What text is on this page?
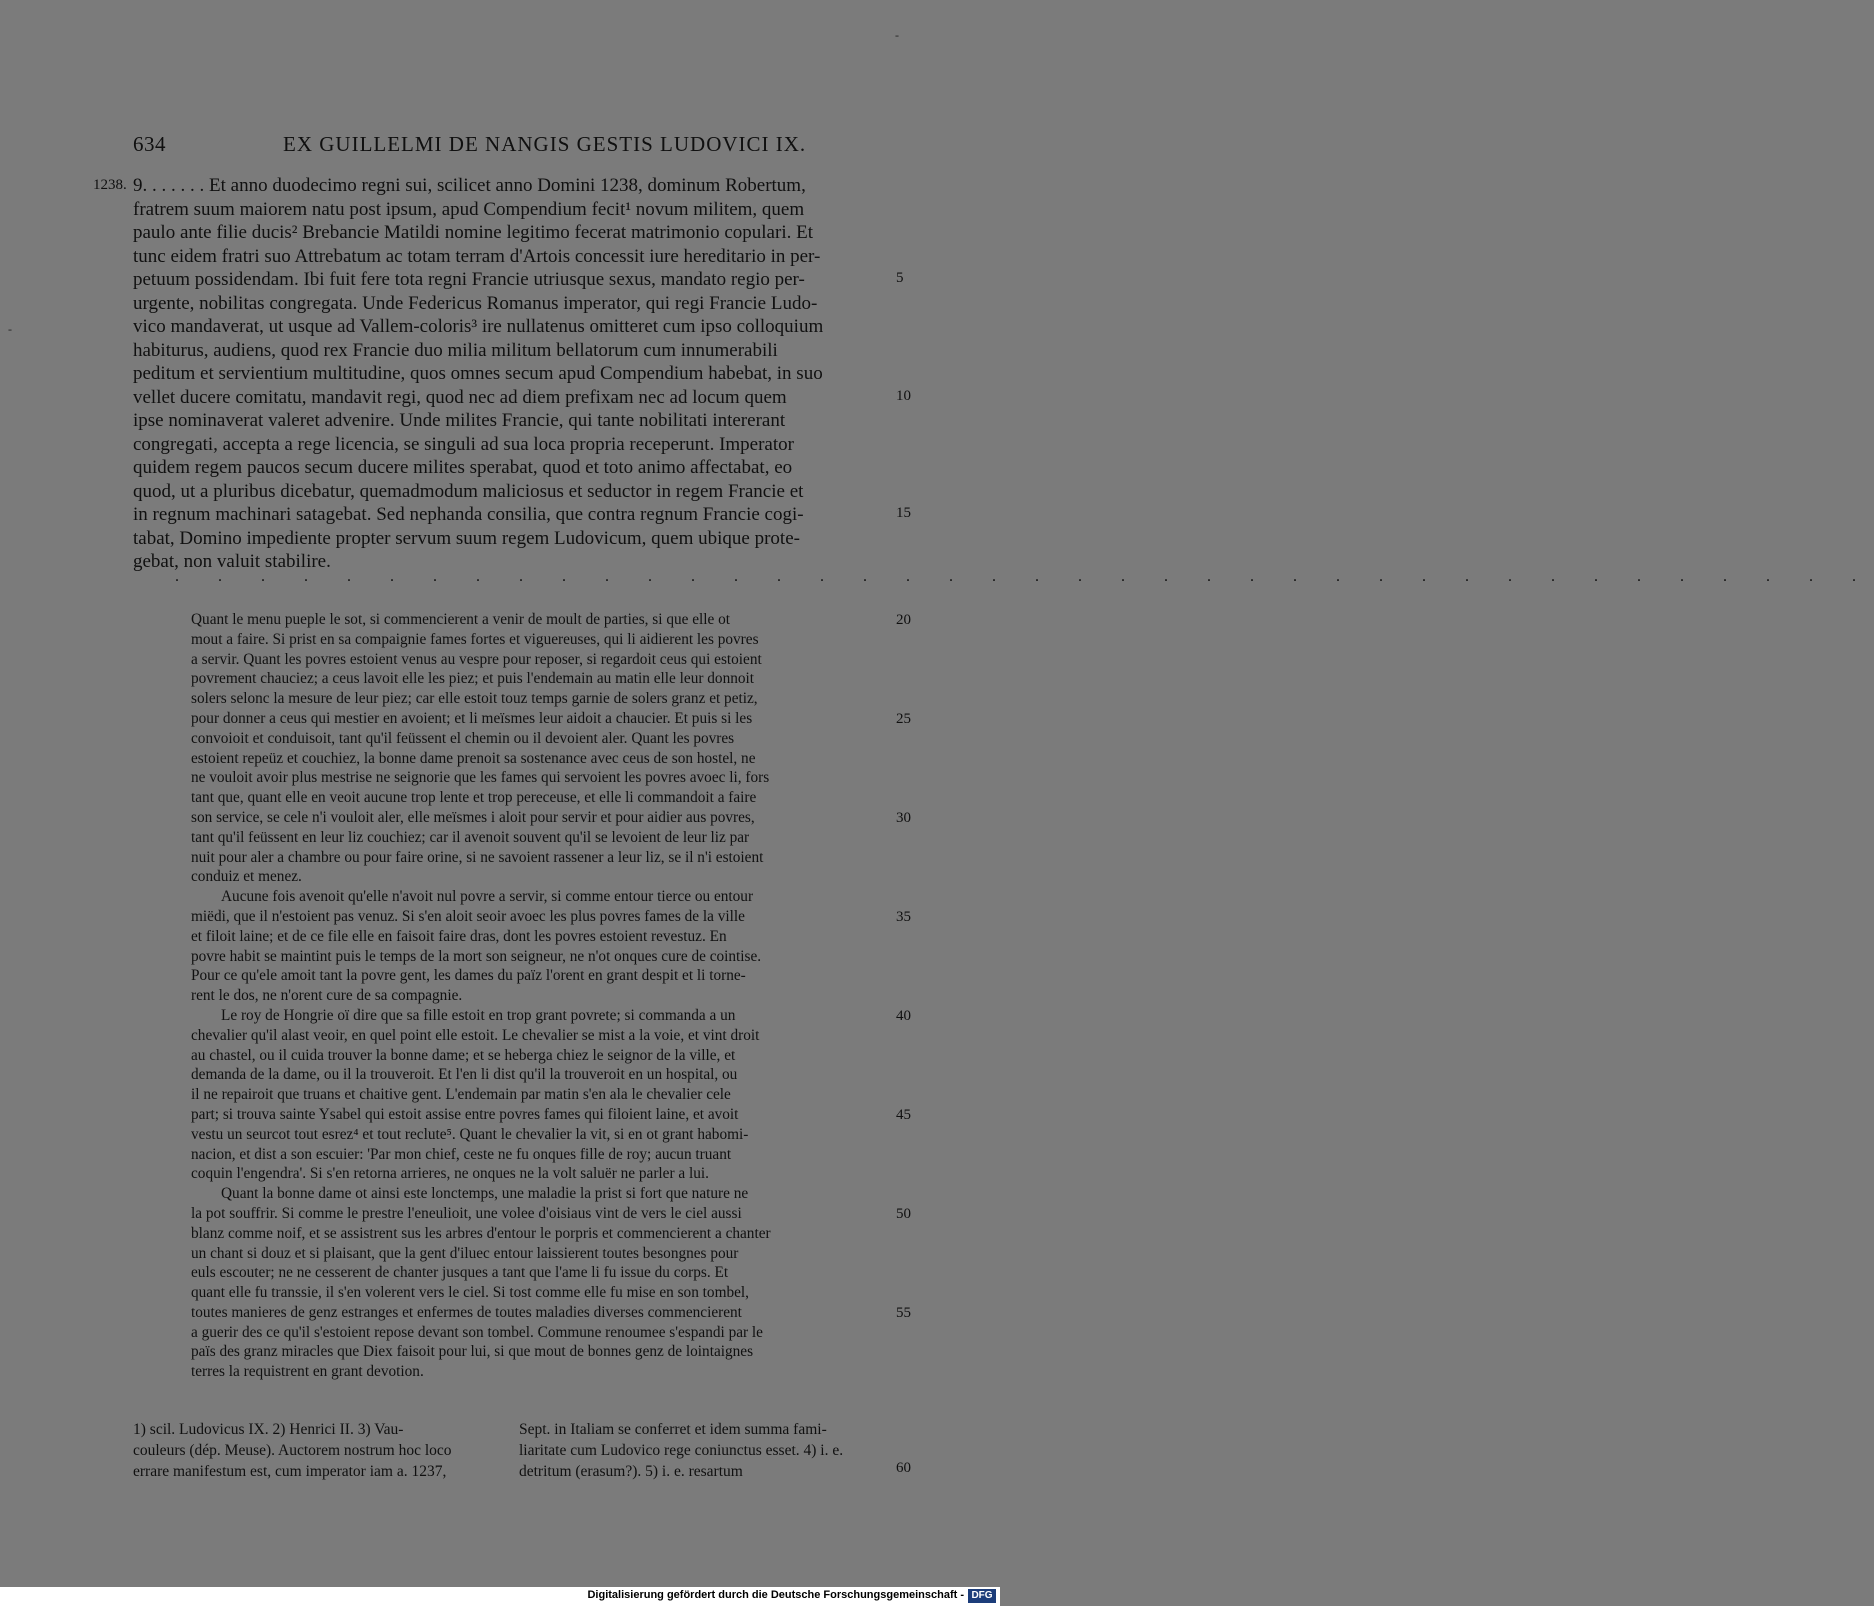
-
-
634	EX GUILLELMI DE NANGIS GESTIS LUDOVICI IX.
1238. 9. . . . . . . Et anno duodecimo regni sui, scilicet anno Domini 1238, dominum Robertum,
fratrem suum maiorem natu post ipsum, apud Compendium fecit¹ novum militem, quem
paulo ante filie ducis² Brebancie Matildi nomine legitimo fecerat matrimonio copulari. Et
tunc eidem fratri suo Attrebatum ac totam terram d'Artois concessit iure hereditario in per-
petuum possidendam. Ibi fuit fere tota regni Francie utriusque sexus, mandato regio per-
urgente, nobilitas congregata. Unde Federicus Romanus imperator, qui regi Francie Ludo-
vico mandaverat, ut usque ad Vallem-coloris³ ire nullatenus omitteret cum ipso colloquium
habiturus, audiens, quod rex Francie duo milia militum bellatorum cum innumerabili
peditum et servientium multitudine, quos omnes secum apud Compendium habebat, in suo
vellet ducere comitatu, mandavit regi, quod nec ad diem prefixam nec ad locum quem
ipse nominaverat valeret advenire. Unde milites Francie, qui tante nobilitati intererant
congregati, accepta a rege licencia, se singuli ad sua loca propria receperunt. Imperator
quidem regem paucos secum ducere milites sperabat, quod et toto animo affectabat, eo
quod, ut a pluribus dicebatur, quemadmodum maliciosus et seductor in regem Francie et
in regnum machinari satagebat. Sed nephanda consilia, que contra regnum Francie cogi-
tabat, Domino impediente propter servum suum regem Ludovicum, quem ubique prote-
gebat, non valuit stabilire.
. . . . . . . . . . . . . . . . . . . . . . . . . . . . . . . . . . . . . . . .
Quant le menu pueple le sot, si commencierent a venir de moult de parties, si que elle ot
mout a faire. Si prist en sa compaignie fames fortes et viguereuses, qui li aidierent les povres
a servir. Quant les povres estoient venus au vespre pour reposer, si regardoit ceus qui estoient
povrement chauciez; a ceus lavoit elle les piez; et puis l'endemain au matin elle leur donnoit
solers selonc la mesure de leur piez; car elle estoit touz temps garnie de solers granz et petiz,
pour donner a ceus qui mestier en avoient; et li meïsmes leur aidoit a chaucier. Et puis si les
convoioit et conduisoit, tant qu'il feüssent el chemin ou il devoient aler. Quant les povres
estoient repeüz et couchiez, la bonne dame prenoit sa sostenance avec ceus de son hostel, ne
ne vouloit avoir plus mestrise ne seignorie que les fames qui servoient les povres avoec li, fors
tant que, quant elle en veoit aucune trop lente et trop pereceuse, et elle li commandoit a faire
son service, se cele n'i vouloit aler, elle meïsmes i aloit pour servir et pour aidier aus povres,
tant qu'il feüssent en leur liz couchiez; car il avenoit souvent qu'il se levoient de leur liz par
nuit pour aler a chambre ou pour faire orine, si ne savoient rassener a leur liz, se il n'i estoient
conduiz et menez.
Aucune fois avenoit qu'elle n'avoit nul povre a servir, si comme entour tierce ou entour
miëdi, que il n'estoient pas venuz. Si s'en aloit seoir avoec les plus povres fames de la ville
et filoit laine; et de ce file elle en faisoit faire dras, dont les povres estoient revestuz. En
povre habit se maintint puis le temps de la mort son seigneur, ne n'ot onques cure de cointise.
Pour ce qu'ele amoit tant la povre gent, les dames du païz l'orent en grant despit et li torne-
rent le dos, ne n'orent cure de sa compagnie.
Le roy de Hongrie oï dire que sa fille estoit en trop grant povrete; si commanda a un
chevalier qu'il alast veoir, en quel point elle estoit. Le chevalier se mist a la voie, et vint droit
au chastel, ou il cuida trouver la bonne dame; et se heberga chiez le seignor de la ville, et
demanda de la dame, ou il la trouveroit. Et l'en li dist qu'il la trouveroit en un hospital, ou
il ne repairoit que truans et chaitive gent. L'endemain par matin s'en ala le chevalier cele
part; si trouva sainte Ysabel qui estoit assise entre povres fames qui filoient laine, et avoit
vestu un seurcot tout esrez⁴ et tout reclute⁵. Quant le chevalier la vit, si en ot grant habomi-
nacion, et dist a son escuier: 'Par mon chief, ceste ne fu onques fille de roy; aucun truant
coquin l'engendra'. Si s'en retorna arrieres, ne onques ne la volt saluër ne parler a lui.
Quant la bonne dame ot ainsi este lonctemps, une maladie la prist si fort que nature ne
la pot souffrir. Si comme le prestre l'eneulioit, une volee d'oisiaus vint de vers le ciel aussi
blanz comme noif, et se assistrent sus les arbres d'entour le porpris et commencierent a chanter
un chant si douz et si plaisant, que la gent d'iluec entour laissierent toutes besongnes pour
euls escouter; ne ne cesserent de chanter jusques a tant que l'ame li fu issue du corps. Et
quant elle fu transsie, il s'en volerent vers le ciel. Si tost comme elle fu mise en son tombel,
toutes manieres de genz estranges et enfermes de toutes maladies diverses commencierent
a guerir des ce qu'il s'estoient repose devant son tombel. Commune renoumee s'espandi par le
païs des granz miracles que Diex faisoit pour lui, si que mout de bonnes genz de lointaignes
terres la requistrent en grant devotion.
1) scil. Ludovicus IX. 2) Henrici II. 3) Vau-
couleurs (dép. Meuse). Auctorem nostrum hoc loco
errare manifestum est, cum imperator iam a. 1237,
Sept. in Italiam se conferret et idem summa fami-
liaritate cum Ludovico rege coniunctus esset. 4) i. e.
detritum (erasum?). 5) i. e. resartum	60
Digitalisierung gefördert durch die Deutsche Forschungsgemeinschaft - DFG
5
10
15
20
25
30
35
40
45
50
55
